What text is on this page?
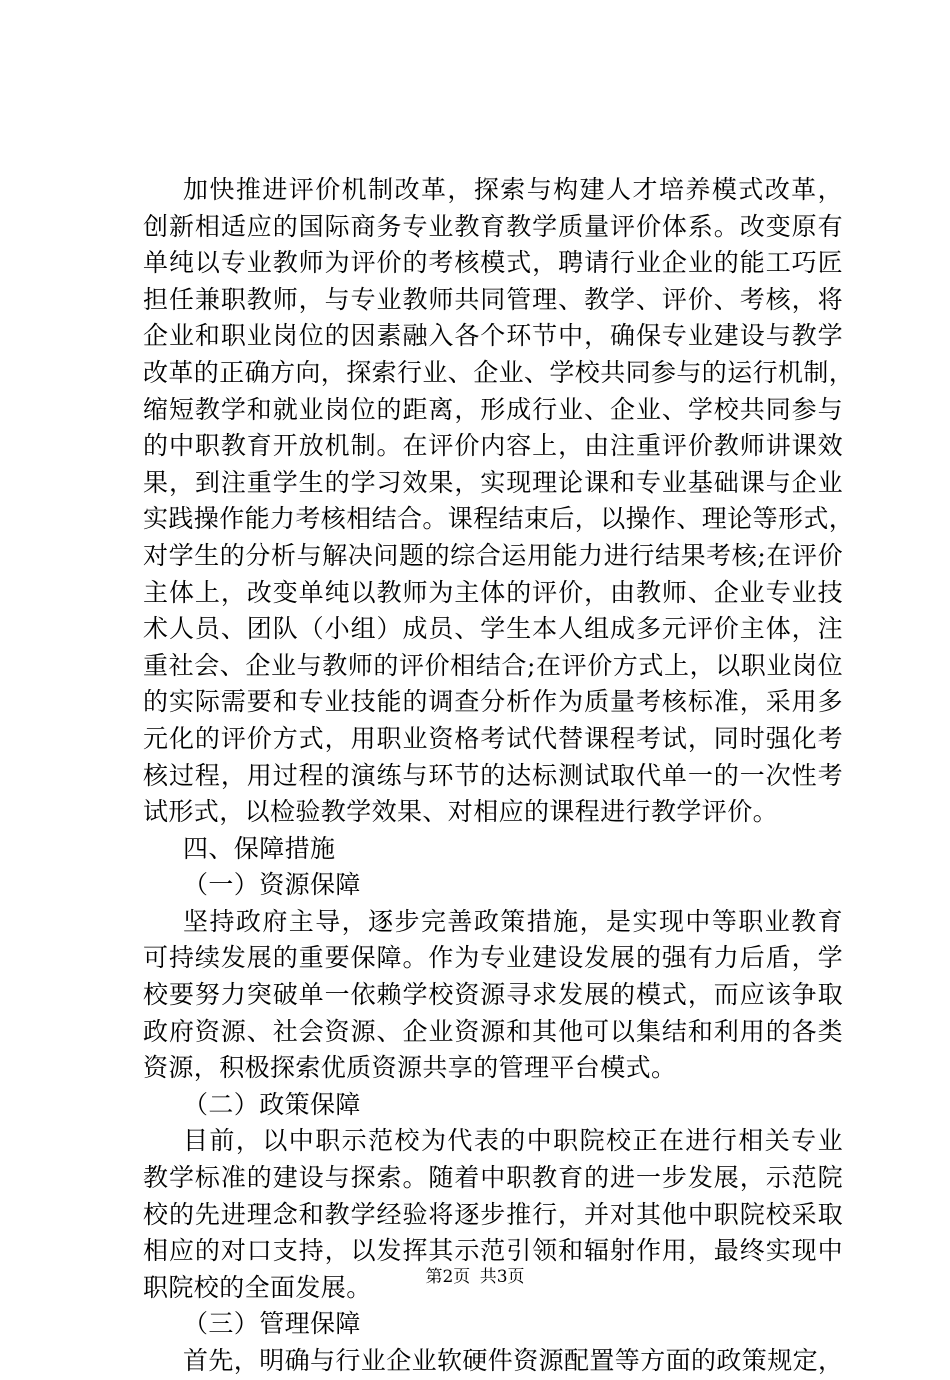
加快推进评价机制改革，探索与构建人才培养模式改革，
创新相适应的国际商务专业教育教学质量评价体系。改变原有
单纯以专业教师为评价的考核模式，聘请行业企业的能工巧匠
担任兼职教师，与专业教师共同管理、教学、评价、考核，将
企业和职业岗位的因素融入各个环节中，确保专业建设与教学
改革的正确方向，探索行业、企业、学校共同参与的运行机制，
缩短教学和就业岗位的距离，形成行业、企业、学校共同参与
的中职教育开放机制。在评价内容上，由注重评价教师讲课效
果，到注重学生的学习效果，实现理论课和专业基础课与企业
实践操作能力考核相结合。课程结束后，以操作、理论等形式，
对学生的分析与解决问题的综合运用能力进行结果考核;在评价
主体上，改变单纯以教师为主体的评价，由教师、企业专业技
术人员、团队（小组）成员、学生本人组成多元评价主体，注
重社会、企业与教师的评价相结合;在评价方式上，以职业岗位
的实际需要和专业技能的调查分析作为质量考核标准，采用多
元化的评价方式，用职业资格考试代替课程考试，同时强化考
核过程，用过程的演练与环节的达标测试取代单一的一次性考
试形式，以检验教学效果、对相应的课程进行教学评价。
四、保障措施
（一）资源保障
坚持政府主导，逐步完善政策措施，是实现中等职业教育
可持续发展的重要保障。作为专业建设发展的强有力后盾，学
校要努力突破单一依赖学校资源寻求发展的模式，而应该争取
政府资源、社会资源、企业资源和其他可以集结和利用的各类
资源，积极探索优质资源共享的管理平台模式。
（二）政策保障
目前，以中职示范校为代表的中职院校正在进行相关专业
教学标准的建设与探索。随着中职教育的进一步发展，示范院
校的先进理念和教学经验将逐步推行，并对其他中职院校采取
相应的对口支持，以发挥其示范引领和辐射作用，最终实现中
职院校的全面发展。
（三）管理保障
首先，明确与行业企业软硬件资源配置等方面的政策规定，
第2页 共3页
